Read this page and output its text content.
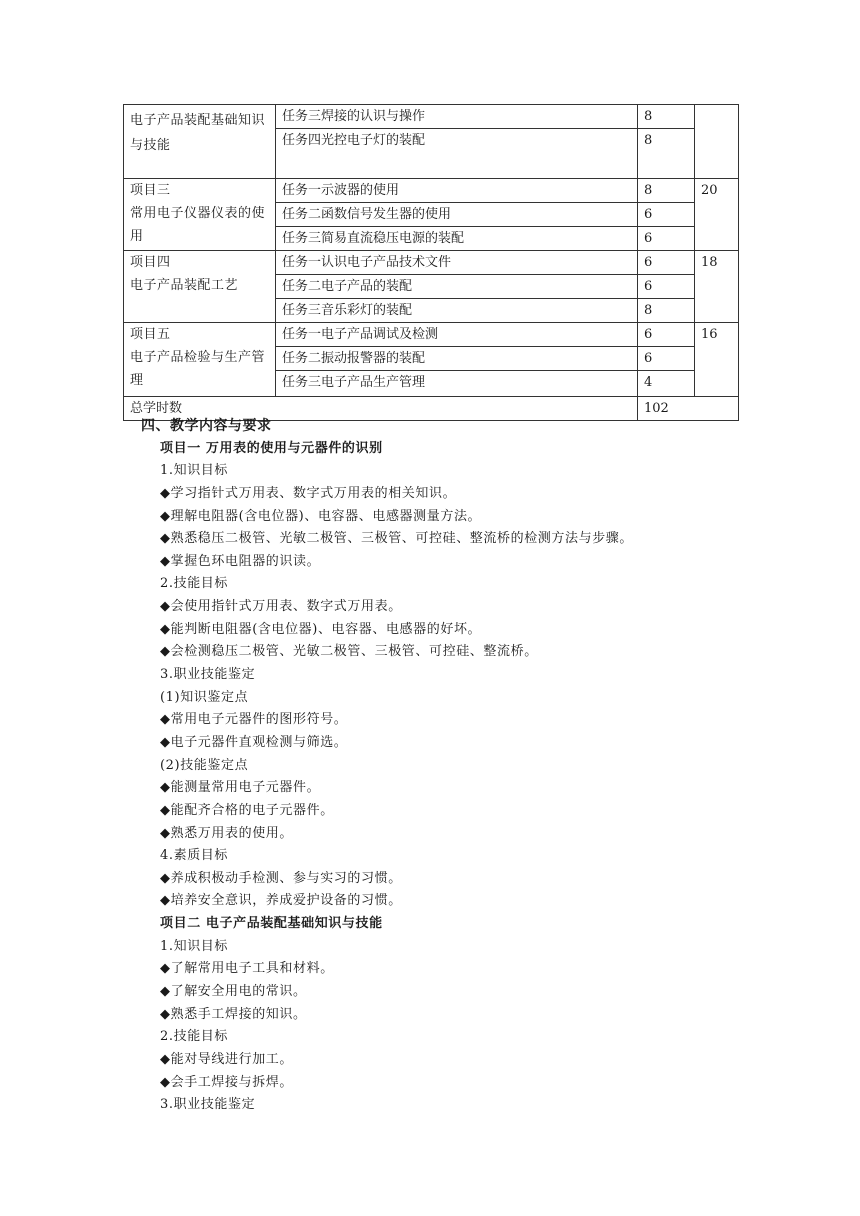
电子产品装配基础知识与技能	任务三焊接的认识与操作	8	
	任务四光控电子灯的装配	8	
项目三
常用电子仪器仪表的使用	任务一示波器的使用	8	20
	任务二函数信号发生器的使用	6	
	任务三简易直流稳压电源的装配	6	
项目四
电子产品装配工艺	任务一认识电子产品技术文件	6	18
	任务二电子产品的装配	6	
	任务三音乐彩灯的装配	8	
项目五
电子产品检验与生产管理	任务一电子产品调试及检测	6	16
	任务二振动报警器的装配	6	
	任务三电子产品生产管理	4	
总学时数		102	
四、教学内容与要求
项目一 万用表的使用与元器件的识别
1.知识目标
◆ 学习指针式万用表、数字式万用表的相关知识。
◆ 理解电阻器(含电位器)、电容器、电感器测量方法。
◆ 熟悉稳压二极管、光敏二极管、三极管、可控硅、整流桥的检测方法与步骤。
◆ 掌握色环电阻器的识读。
2.技能目标
◆ 会使用指针式万用表、数字式万用表。
◆ 能判断电阻器(含电位器)、电容器、电感器的好坏。
◆ 会检测稳压二极管、光敏二极管、三极管、可控硅、整流桥。
3.职业技能鉴定
(1)知识鉴定点
◆ 常用电子元器件的图形符号。
◆ 电子元器件直观检测与筛选。
(2)技能鉴定点
◆ 能测量常用电子元器件。
◆ 能配齐合格的电子元器件。
◆ 熟悉万用表的使用。
4.素质目标
◆ 养成积极动手检测、参与实习的习惯。
◆ 培养安全意识，养成爱护设备的习惯。
项目二 电子产品装配基础知识与技能
1.知识目标
◆ 了解常用电子工具和材料。
◆ 了解安全用电的常识。
◆ 熟悉手工焊接的知识。
2.技能目标
◆ 能对导线进行加工。
◆ 会手工焊接与拆焊。
3.职业技能鉴定
